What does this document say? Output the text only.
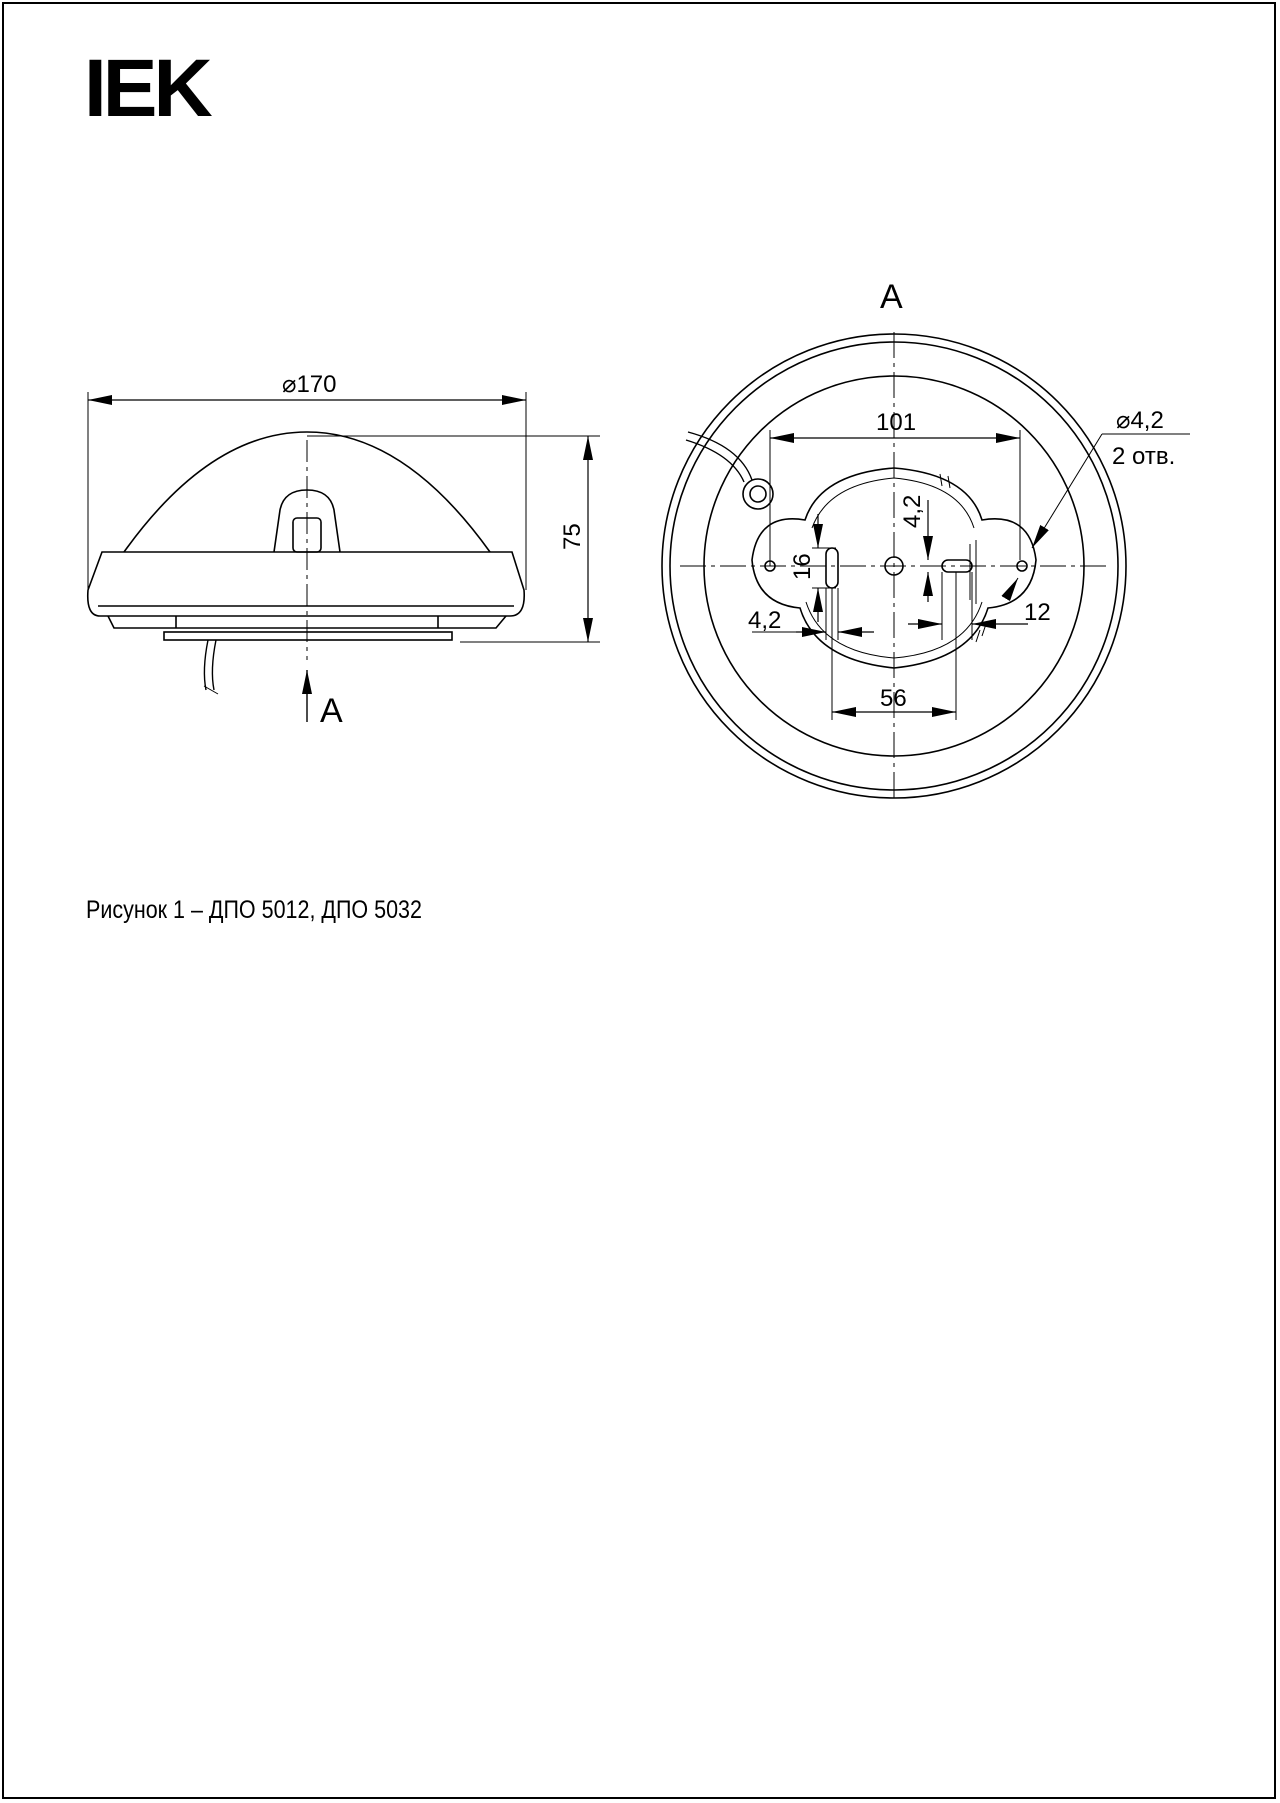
IEK
⌀170
75
A
A
101	⌀4,2
2 отв.
4,2
16
4,2	12
56
Рисунок 1 – ДПО 5012, ДПО 5032
